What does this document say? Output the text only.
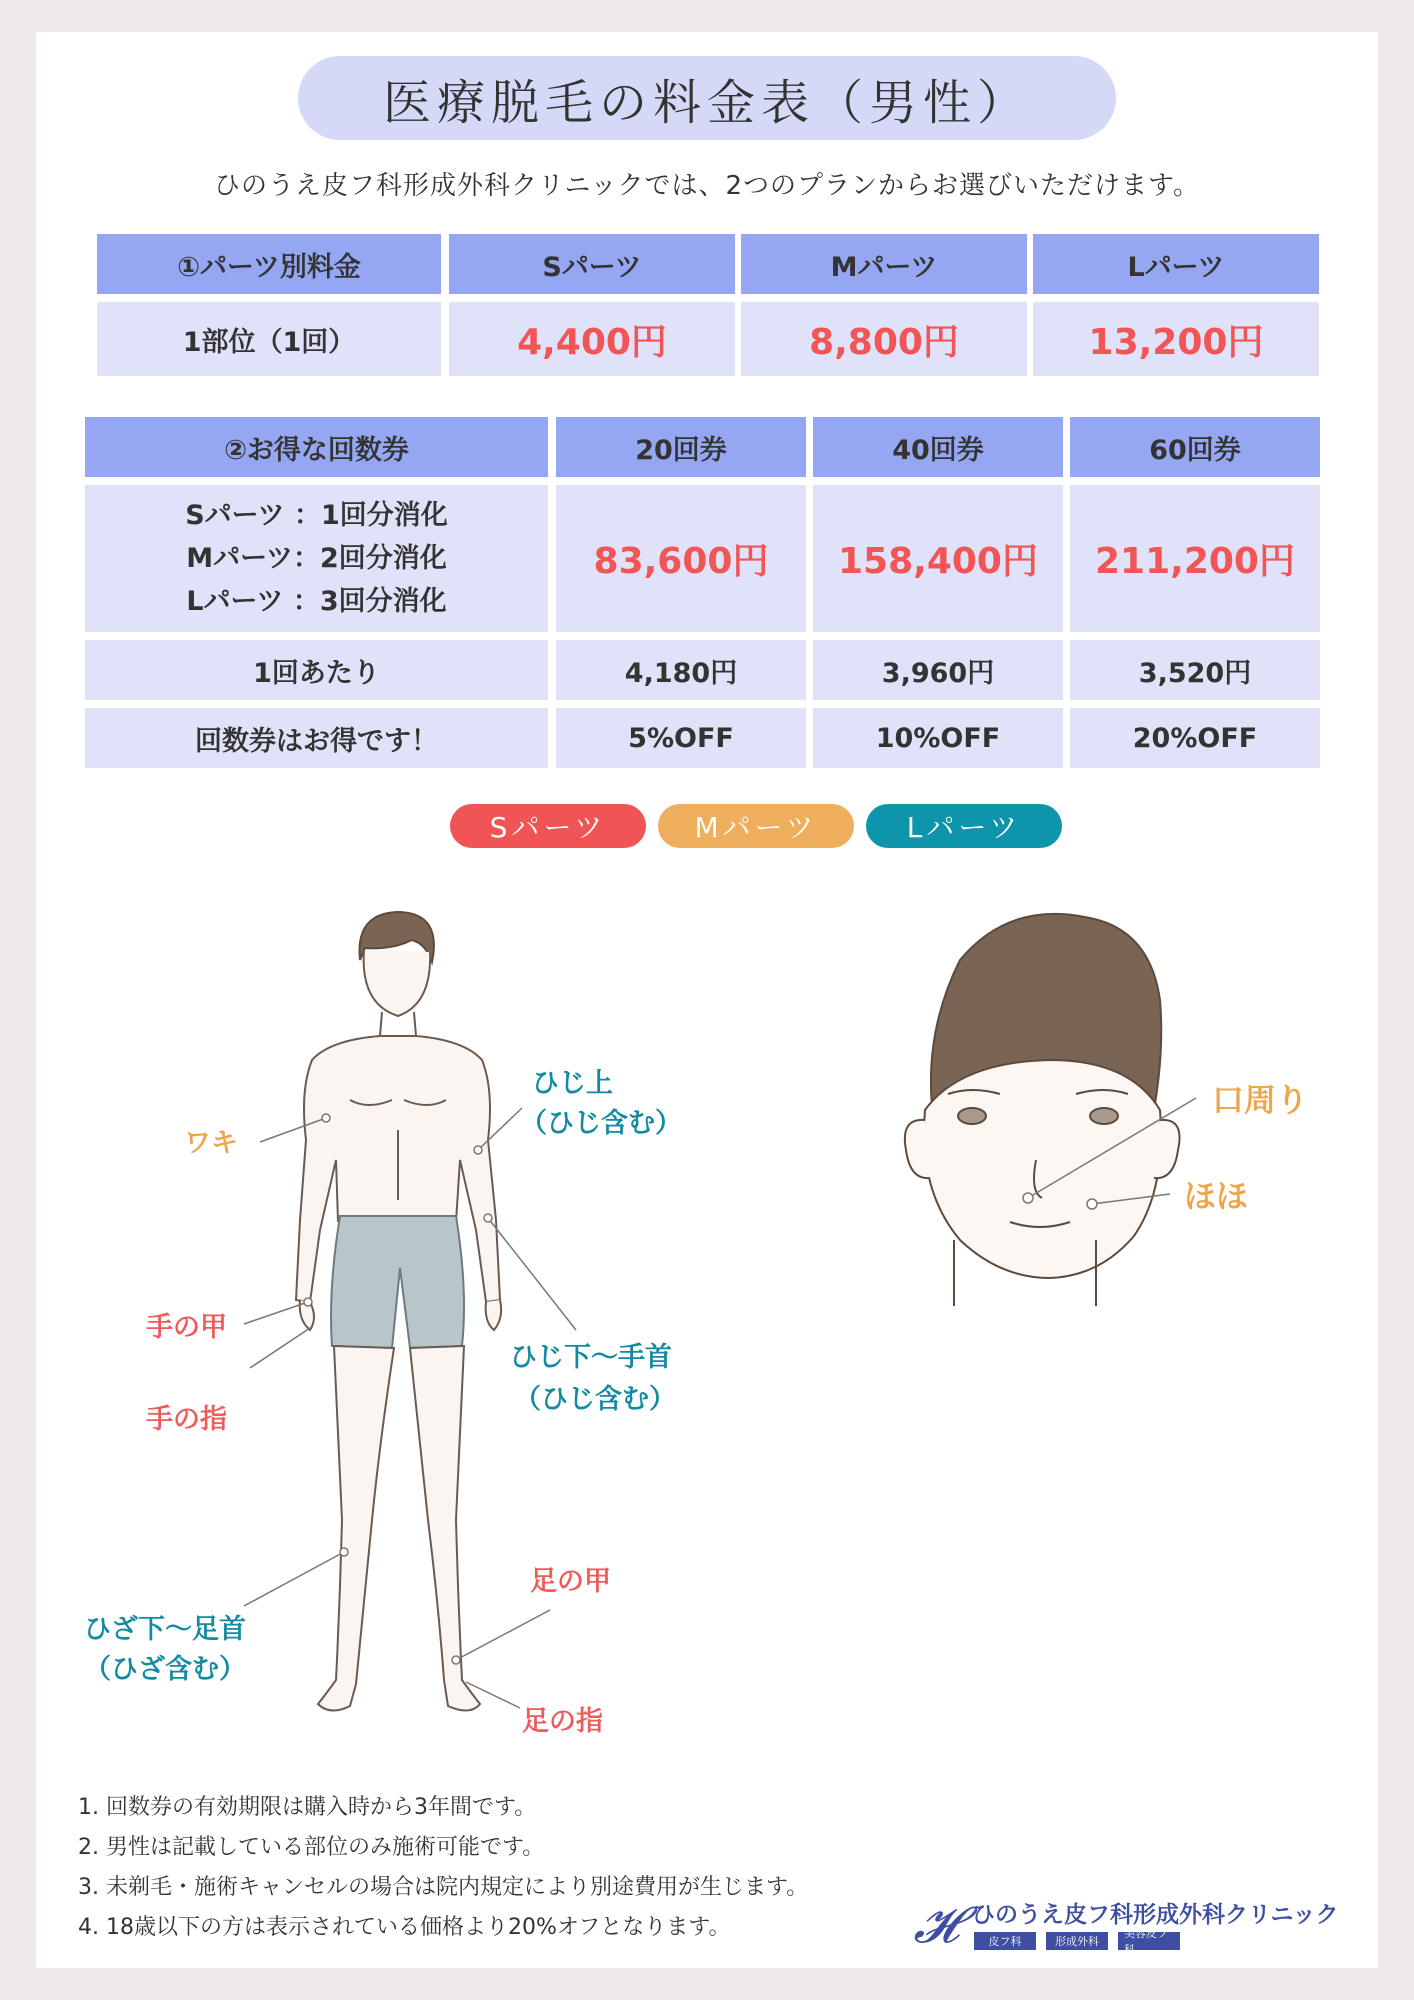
医療脱毛の料金表（男性）
ひのうえ皮フ科形成外科クリニックでは、2つのプランからお選びいただけます。
①パーツ別料金	Sパーツ	Mパーツ	Lパーツ
1部位（1回）	4,400円	8,800円	13,200円
②お得な回数券	20回券	40回券	60回券
Sパーツ ：1回分消化
Mパーツ：2回分消化
Lパーツ ：3回分消化
83,600円	158,400円	211,200円
1回あたり	4,180円	3,960円	3,520円
回数券はお得です！	5%OFF	10%OFF	20%OFF
Sパーツ	Mパーツ	Lパーツ
ワキ
ひじ上
（ひじ含む）
手の甲
手の指
ひじ下〜手首
（ひじ含む）
ひざ下〜足首
（ひざ含む）
足の甲
足の指
口周り
ほほ
1. 回数券の有効期限は購入時から3年間です。
2. 男性は記載している部位のみ施術可能です。
3. 未剃毛・施術キャンセルの場合は院内規定により別途費用が生じます。
4. 18歳以下の方は表示されている価格より20%オフとなります。	𝓗 ひのうえ皮フ科形成外科クリニック
皮フ科	形成外科
美容皮フ科
